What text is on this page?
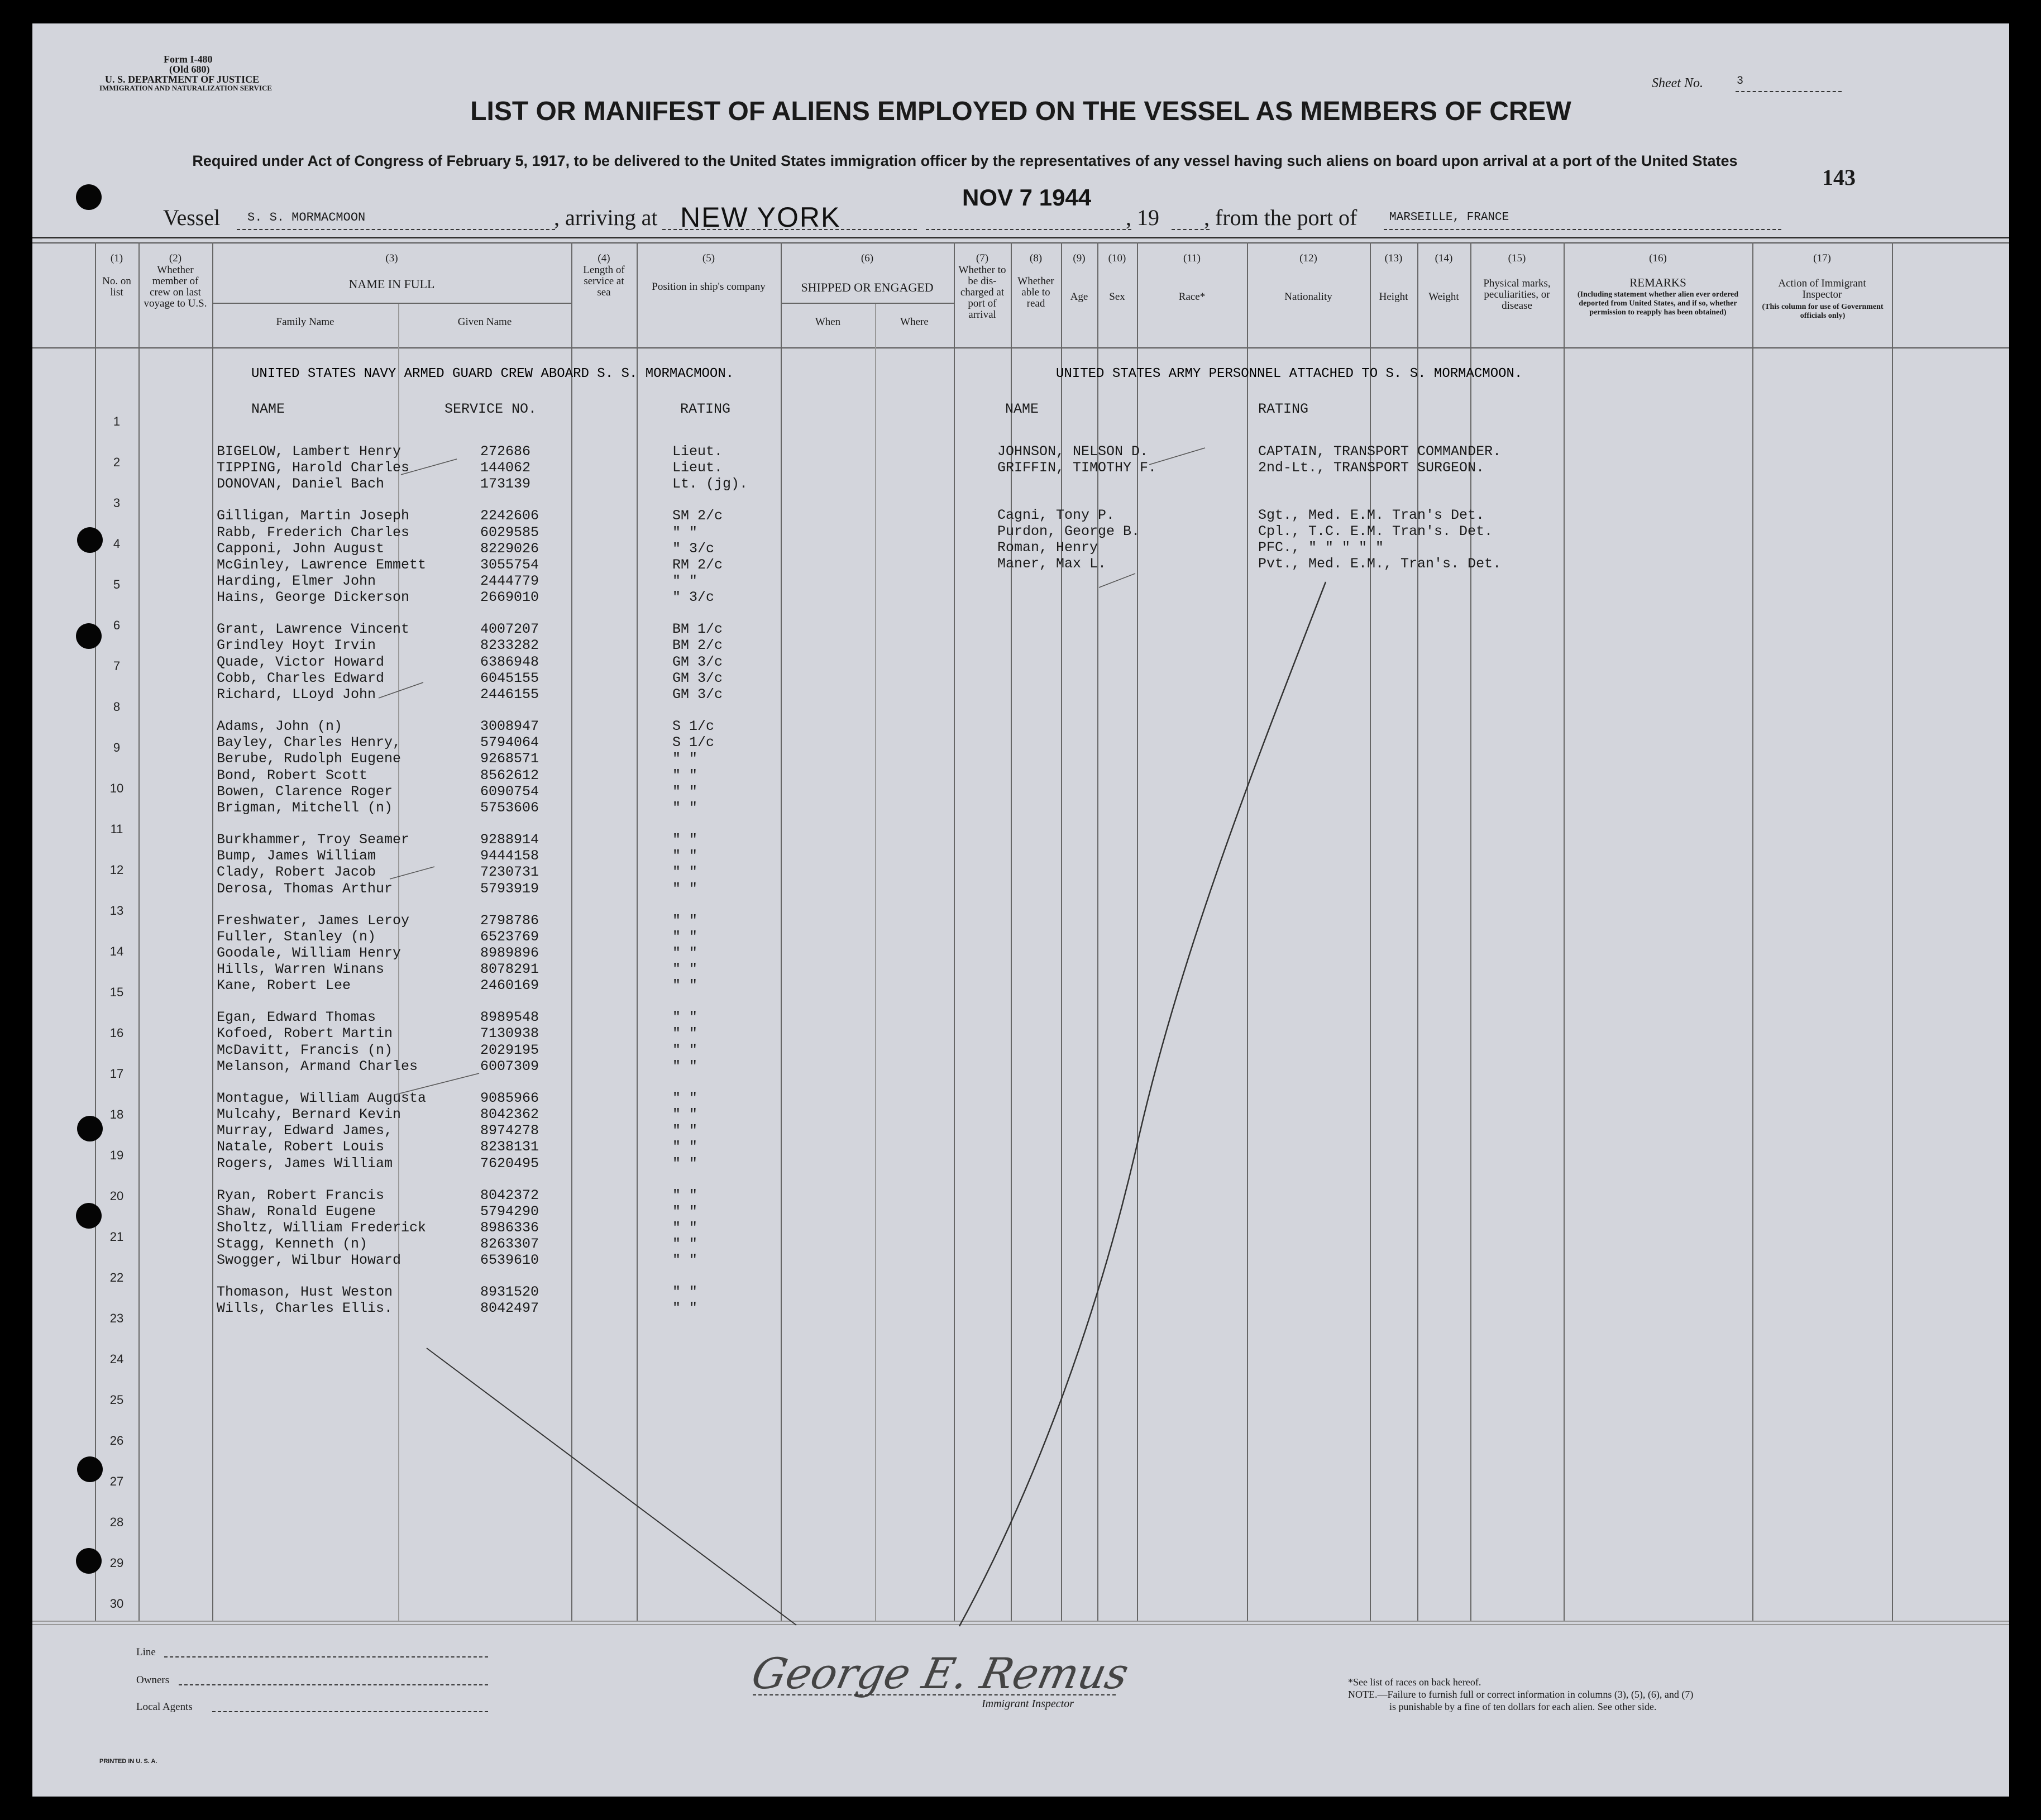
Form I-480
(Old 680)
U. S. DEPARTMENT OF JUSTICE
IMMIGRATION AND NATURALIZATION SERVICE	Sheet No.	3
LIST OR MANIFEST OF ALIENS EMPLOYED ON THE VESSEL AS MEMBERS OF CREW
Required under Act of Congress of February 5, 1917, to be delivered to the United States immigration officer by the representatives of any vessel having such aliens on board upon arrival at a port of the United States
143
Vessel S. S. MORMACMOON	, arriving at NEW YORK
NOV 7 1944
, 19 , from the port of	MARSEILLE, FRANCE
(1)
No. on list
(2)
Whether member of crew on last voyage to U.S.
(3)
NAME IN FULL
Family Name	Given Name
(4)
Length of service at sea
(5)
Position in ship's company
(6)
SHIPPED OR ENGAGED
When	Where
(7)
Whether to be dis-charged at port of arrival
(8)
Whether able to read
(9)
Age
(10)
Sex
(11)
Race*
(12)
Nationality
(13)
Height
(14)
Weight
(15)
Physical marks, peculiarities, or disease
(16)
REMARKS
(Including statement whether alien ever ordered deported from United States, and if so, whether permission to reapply has been obtained)
(17)
Action of Immigrant Inspector
(This column for use of Government officials only)
1
2
3
4
5
6
7
8
9
10
11
12
13
14
15
16
17
18
19
20
21
22
23
24
25
26
27
28
29
30
UNITED STATES NAVY ARMED GUARD CREW ABOARD S. S. MORMACMOON.
NAME	SERVICE NO.	RATING
BIGELOW, Lambert Henry	272686	Lieut.
TIPPING, Harold Charles	144062	Lieut.
DONOVAN, Daniel Bach	173139	Lt. (jg).
Gilligan, Martin Joseph	2242606	SM 2/c
Rabb, Frederich Charles	6029585	" "
Capponi, John August	8229026	" 3/c
McGinley, Lawrence Emmett	3055754	RM 2/c
Harding, Elmer John	2444779	" "
Hains, George Dickerson	2669010	" 3/c
Grant, Lawrence Vincent	4007207	BM 1/c
Grindley Hoyt Irvin	8233282	BM 2/c
Quade, Victor Howard	6386948	GM 3/c
Cobb, Charles Edward	6045155	GM 3/c
Richard, LLoyd John	2446155	GM 3/c
Adams, John (n)	3008947	S 1/c
Bayley, Charles Henry,	5794064	S 1/c
Berube, Rudolph Eugene	9268571	" "
Bond, Robert Scott	8562612	" "
Bowen, Clarence Roger	6090754	" "
Brigman, Mitchell (n)	5753606	" "
Burkhammer, Troy Seamer	9288914	" "
Bump, James William	9444158	" "
Clady, Robert Jacob	7230731	" "
Derosa, Thomas Arthur	5793919	" "
Freshwater, James Leroy	2798786	" "
Fuller, Stanley (n)	6523769	" "
Goodale, William Henry	8989896	" "
Hills, Warren Winans	8078291	" "
Kane, Robert Lee	2460169	" "
Egan, Edward Thomas	8989548	" "
Kofoed, Robert Martin	7130938	" "
McDavitt, Francis (n)	2029195	" "
Melanson, Armand Charles	6007309	" "
Montague, William Augusta	9085966	" "
Mulcahy, Bernard Kevin	8042362	" "
Murray, Edward James,	8974278	" "
Natale, Robert Louis	8238131	" "
Rogers, James William	7620495	" "
Ryan, Robert Francis	8042372	" "
Shaw, Ronald Eugene	5794290	" "
Sholtz, William Frederick	8986336	" "
Stagg, Kenneth (n)	8263307	" "
Swogger, Wilbur Howard	6539610	" "
Thomason, Hust Weston	8931520	" "
Wills, Charles Ellis.	8042497	" "
UNITED STATES ARMY PERSONNEL ATTACHED TO S. S. MORMACMOON.
NAME	RATING
JOHNSON, NELSON D.	CAPTAIN, TRANSPORT COMMANDER.
GRIFFIN, TIMOTHY F.	2nd-Lt., TRANSPORT SURGEON.
Cagni, Tony P.	Sgt., Med. E.M. Tran's Det.
Purdon, George B.	Cpl., T.C. E.M. Tran's. Det.
Roman, Henry	PFC., " " " " "
Maner, Max L.	Pvt., Med. E.M., Tran's. Det.
Line
Owners
Local Agents
George E. Remus
Immigrant Inspector
*See list of races on back hereof.
NOTE.—Failure to furnish full or correct information in columns (3), (5), (6), and (7)
is punishable by a fine of ten dollars for each alien. See other side.
PRINTED IN U. S. A.
